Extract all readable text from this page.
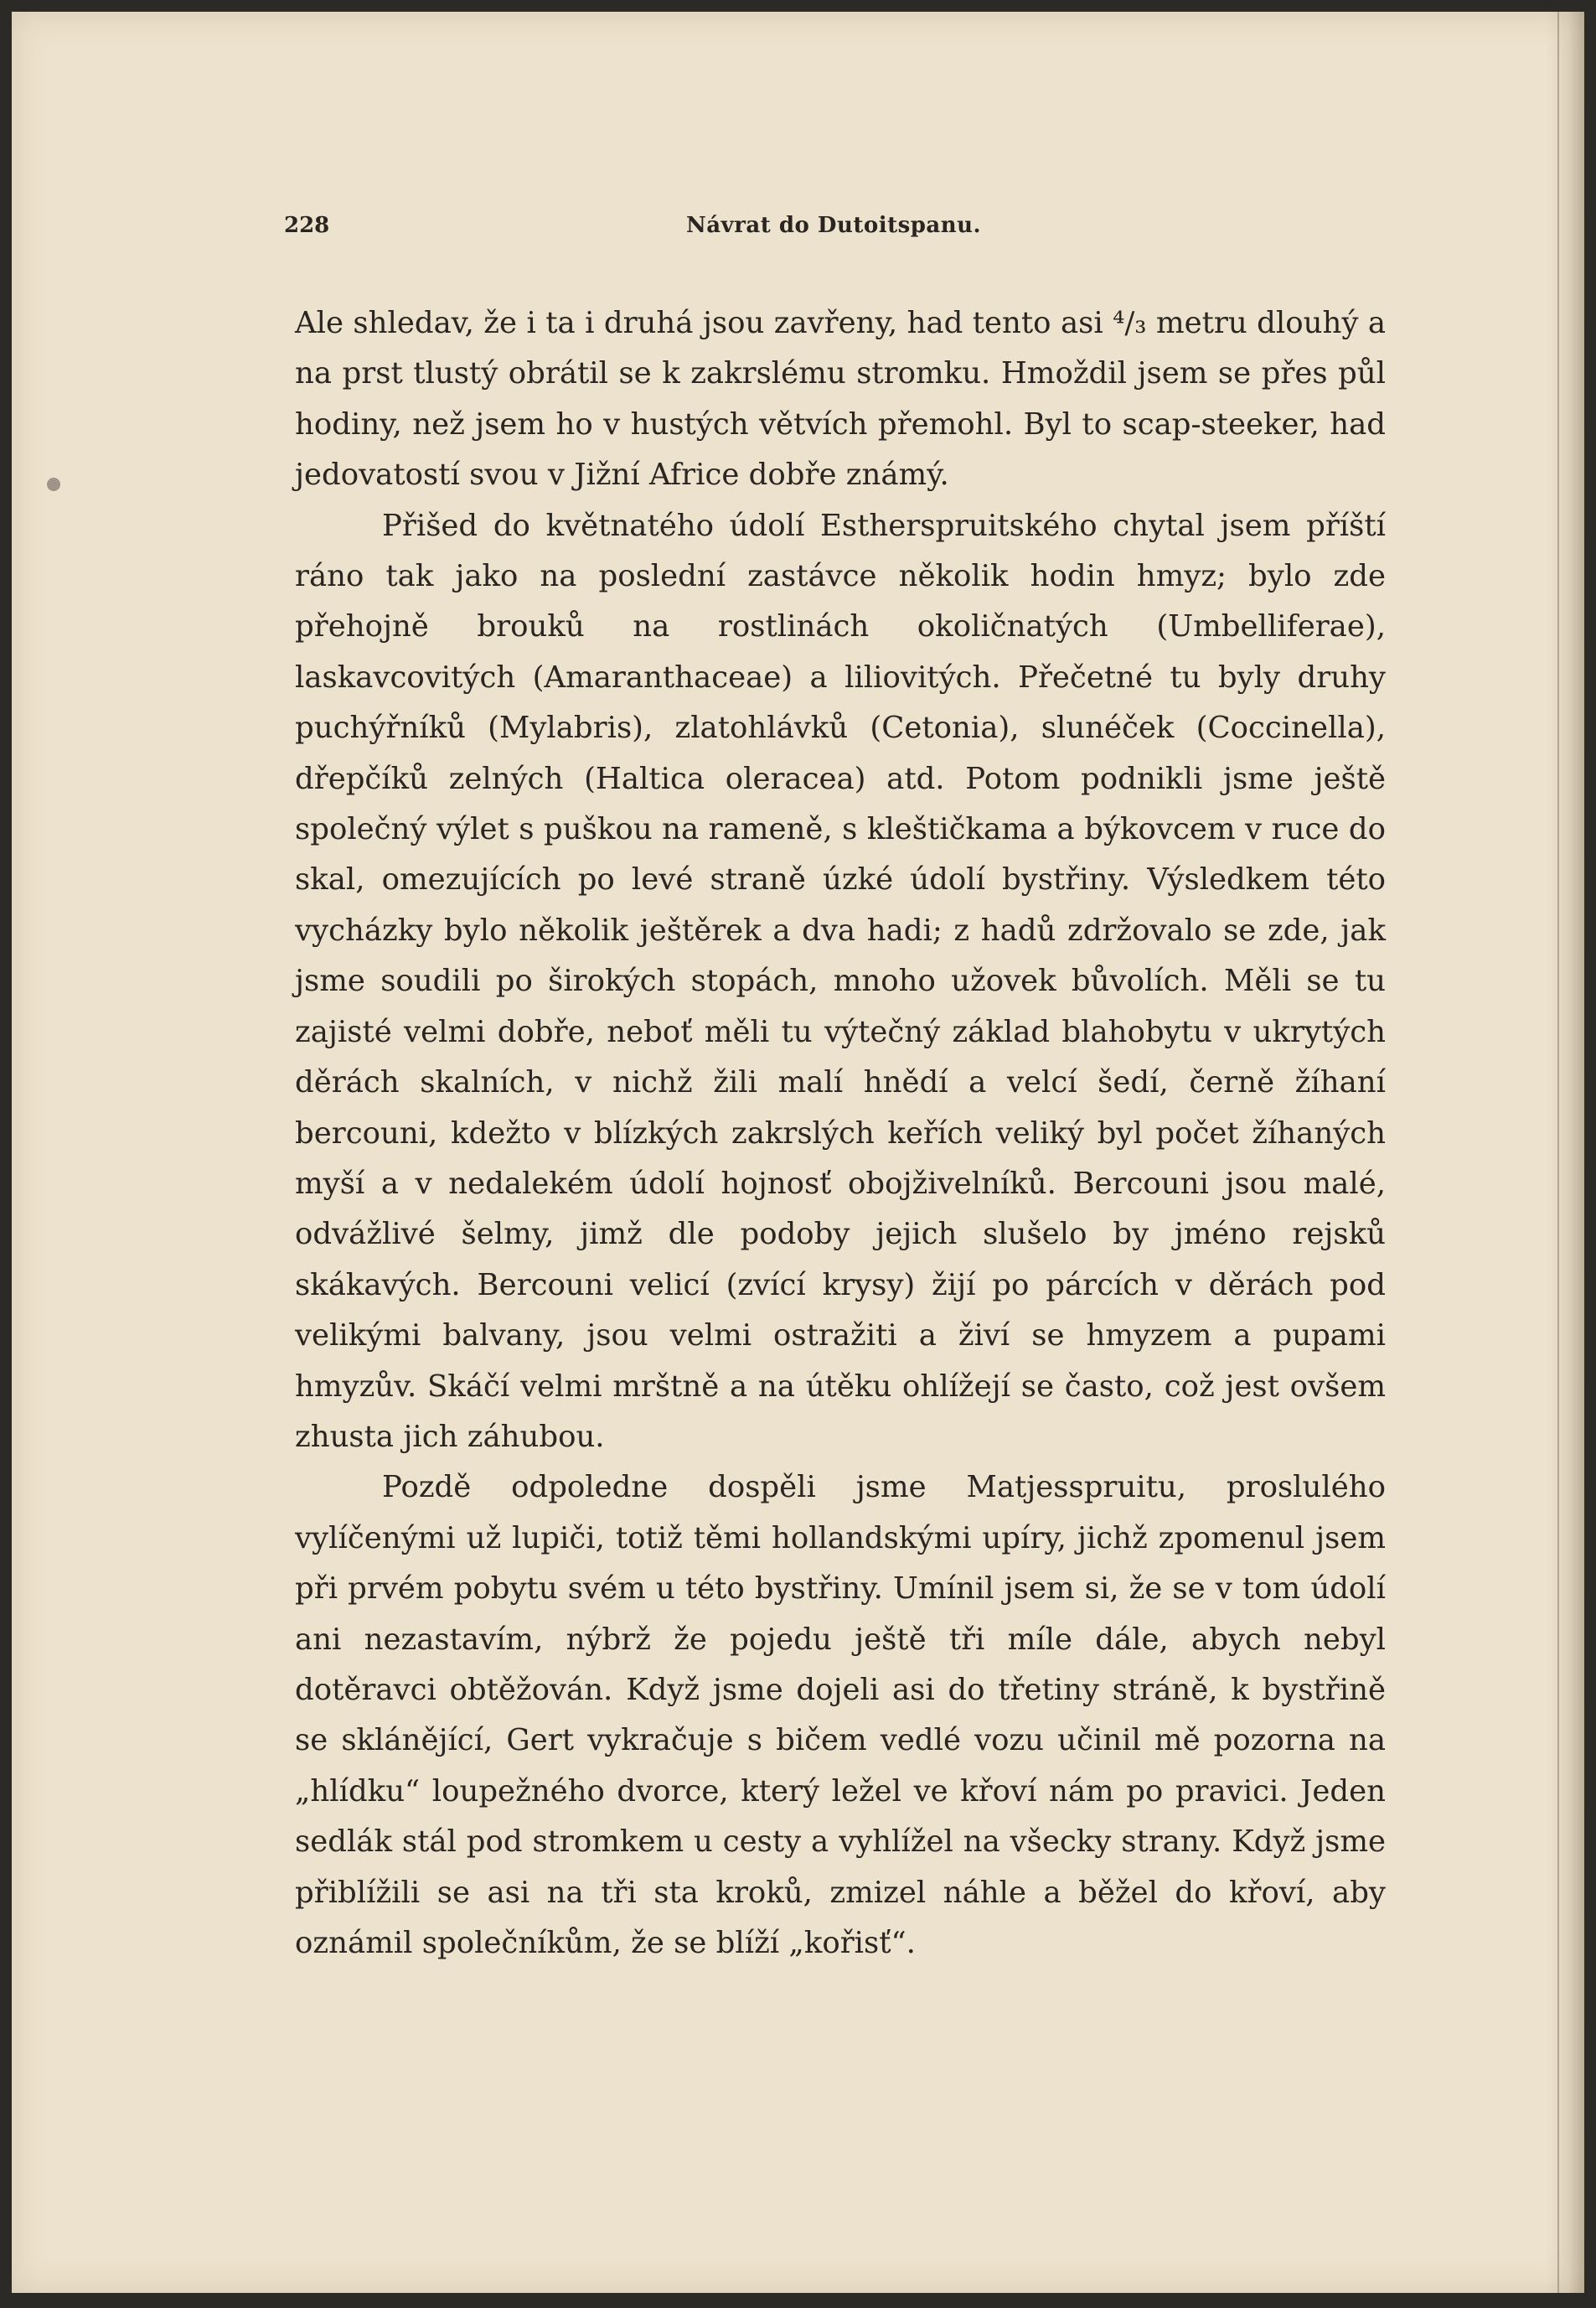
228	Návrat do Dutoitspanu.

Ale shledav, že i ta i druhá jsou zavřeny, had tento asi ⁴/₃ metru dlouhý a na prst tlustý obrátil se k zakrslému stromku. Hmoždil jsem se přes půl hodiny, než jsem ho v hustých větvích přemohl. Byl to scap-steeker, had jedovatostí svou v Jižní Africe dobře známý.

Přišed do květnatého údolí Estherspruitského chytal jsem příští ráno tak jako na poslední zastávce několik hodin hmyz; bylo zde přehojně brouků na rostlinách okoličnatých (Umbelliferae), laskavcovitých (Amaranthaceae) a liliovitých. Přečetné tu byly druhy puchýřníků (Mylabris), zlatohlávků (Cetonia), slunéček (Coccinella), dřepčíků zelných (Haltica oleracea) atd. Potom podnikli jsme ještě společný výlet s puškou na rameně, s kleštičkama a býkovcem v ruce do skal, omezujících po levé straně úzké údolí bystřiny. Výsledkem této vycházky bylo několik ještěrek a dva hadi; z hadů zdržovalo se zde, jak jsme soudili po širokých stopách, mnoho užovek bůvolích. Měli se tu zajisté velmi dobře, neboť měli tu výtečný základ blahobytu v ukrytých děrách skalních, v nichž žili malí hnědí a velcí šedí, černě žíhaní bercouni, kdežto v blízkých zakrslých keřích veliký byl počet žíhaných myší a v nedalekém údolí hojnosť obojživelníků. Bercouni jsou malé, odvážlivé šelmy, jimž dle podoby jejich slušelo by jméno rejsků skákavých. Bercouni velicí (zvící krysy) žijí po párcích v děrách pod velikými balvany, jsou velmi ostražiti a živí se hmyzem a pupami hmyzův. Skáčí velmi mrštně a na útěku ohlížejí se často, což jest ovšem zhusta jich záhubou.

Pozdě odpoledne dospěli jsme Matjesspruitu, proslulého vylíčenými už lupiči, totiž těmi hollandskými upíry, jichž zpomenul jsem při prvém pobytu svém u této bystřiny. Umínil jsem si, že se v tom údolí ani nezastavím, nýbrž že pojedu ještě tři míle dále, abych nebyl dotěravci obtěžován. Když jsme dojeli asi do třetiny stráně, k bystřině se sklánějící, Gert vykračuje s bičem vedlé vozu učinil mě pozorna na „hlídku“ loupežného dvorce, který ležel ve křoví nám po pravici. Jeden sedlák stál pod stromkem u cesty a vyhlížel na všecky strany. Když jsme přiblížili se asi na tři sta kroků, zmizel náhle a běžel do křoví, aby oznámil společníkům, že se blíží „kořisť“.
